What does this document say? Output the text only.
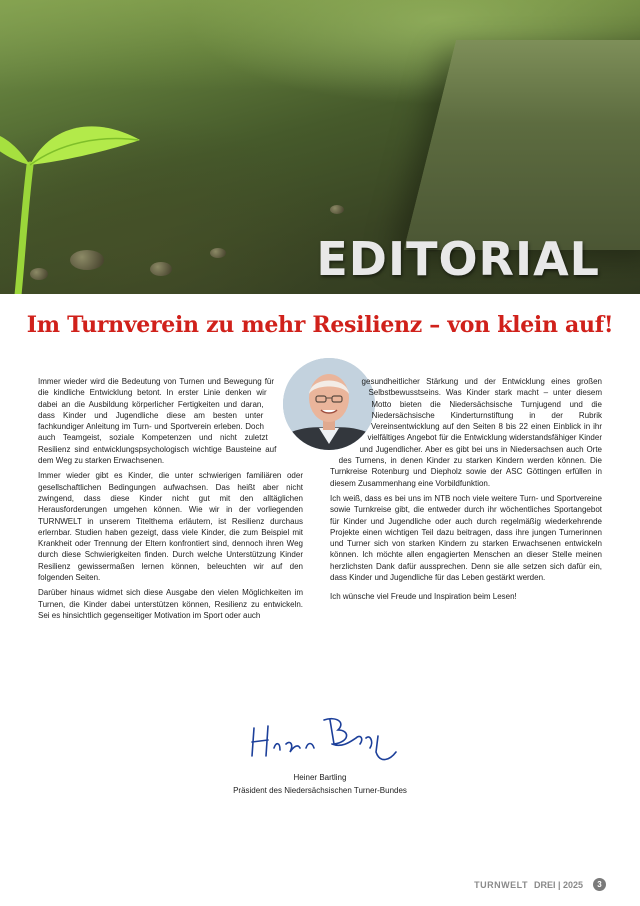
EDITORIAL
Im Turnverein zu mehr Resilienz – von klein auf!

Immer wieder wird die Bedeutung von Turnen und Bewegung für die kindliche Entwicklung betont. In erster Linie denken wir dabei an die Ausbildung körperlicher Fertigkeiten und daran, dass Kinder und Jugendliche diese am besten unter fachkundiger Anleitung im Turn- und Sportverein erleben. Doch auch Teamgeist, soziale Kompetenzen und nicht zuletzt Resilienz sind entwicklungspsychologisch wichtige Bausteine auf dem Weg zu starken Erwachsenen.

Immer wieder gibt es Kinder, die unter schwierigen familiären oder gesellschaftlichen Bedingungen aufwachsen. Das heißt aber nicht zwingend, dass diese Kinder nicht gut mit den alltäglichen Herausforderungen umgehen können. Wie wir in der vorliegenden TURNWELT in unserem Titelthema erläutern, ist Resilienz durchaus erlernbar. Studien haben gezeigt, dass viele Kinder, die zum Beispiel mit Krankheit oder Trennung der Eltern konfrontiert sind, dennoch ihren Weg durch diese Schwierigkeiten finden. Durch welche Unterstützung Kinder Resilienz gewissermaßen lernen können, beleuchten wir auf den folgenden Seiten.

Darüber hinaus widmet sich diese Ausgabe den vielen Möglichkeiten im Turnen, die Kinder dabei unterstützen können, Resilienz zu entwickeln. Sei es hinsichtlich gegenseitiger Motivation im Sport oder auch

gesundheitlicher Stärkung und der Entwicklung eines großen Selbstbewusstseins. Was Kinder stark macht – unter diesem Motto bieten die Niedersächsische Turnjugend und die Niedersächsische Kinderturnstiftung in der Rubrik Vereinsentwicklung auf den Seiten 8 bis 22 einen Einblick in ihr vielfältiges Angebot für die Entwicklung widerstandsfähiger Kinder und Jugendlicher. Aber es gibt bei uns in Niedersachsen auch Orte des Turnens, in denen Kinder zu starken Kindern werden können. Die Turnkreise Rotenburg und Diepholz sowie der ASC Göttingen erfüllen in diesem Zusammenhang eine Vorbildfunktion.

Ich weiß, dass es bei uns im NTB noch viele weitere Turn- und Sportvereine sowie Turnkreise gibt, die entweder durch ihr wöchentliches Sportangebot für Kinder und Jugendliche oder auch durch regelmäßig wiederkehrende Projekte einen wichtigen Teil dazu beitragen, dass ihre jungen Turnerinnen und Turner sich von starken Kindern zu starken Erwachsenen entwickeln können. Ich möchte allen engagierten Menschen an dieser Stelle meinen herzlichsten Dank dafür aussprechen. Denn sie alle setzen sich dafür ein, dass Kinder und Jugendliche für das Leben gestärkt werden.

Ich wünsche viel Freude und Inspiration beim Lesen!

Heiner Bartling
Präsident des Niedersächsischen Turner-Bundes
TURNWELT DREI | 2025	3
